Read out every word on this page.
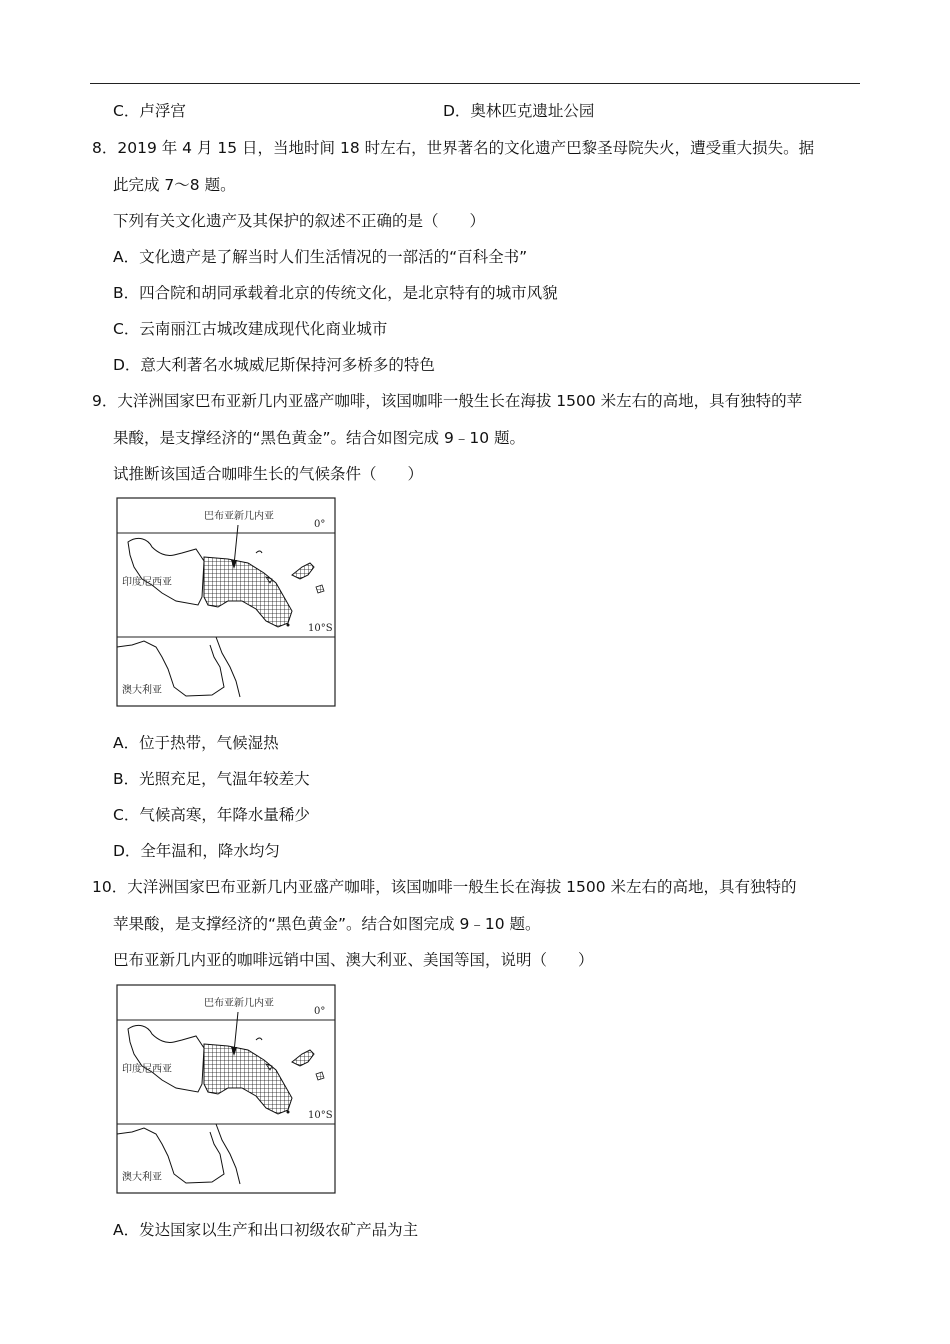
C．卢浮宫	D．奥林匹克遗址公园
8．2019 年 4 月 15 日，当地时间 18 时左右，世界著名的文化遗产巴黎圣母院失火，遭受重大损失。据
此完成 7～8 题。
下列有关文化遗产及其保护的叙述不正确的是（　　）
A．文化遗产是了解当时人们生活情况的一部活的“百科全书”
B．四合院和胡同承载着北京的传统文化，是北京特有的城市风貌
C．云南丽江古城改建成现代化商业城市
D．意大利著名水城威尼斯保持河多桥多的特色
9．大洋洲国家巴布亚新几内亚盛产咖啡，该国咖啡一般生长在海拔 1500 米左右的高地，具有独特的苹
果酸，是支撑经济的“黑色黄金”。结合如图完成 9﹣10 题。
试推断该国适合咖啡生长的气候条件（　　）
巴布亚新几内亚
0°
印度尼西亚
10°S
澳大利亚
A．位于热带，气候湿热
B．光照充足，气温年较差大
C．气候高寒，年降水量稀少
D．全年温和，降水均匀
10．大洋洲国家巴布亚新几内亚盛产咖啡，该国咖啡一般生长在海拔 1500 米左右的高地，具有独特的
苹果酸，是支撑经济的“黑色黄金”。结合如图完成 9﹣10 题。
巴布亚新几内亚的咖啡远销中国、澳大利亚、美国等国，说明（　　）
巴布亚新几内亚
0°
印度尼西亚
10°S
澳大利亚
A．发达国家以生产和出口初级农矿产品为主
